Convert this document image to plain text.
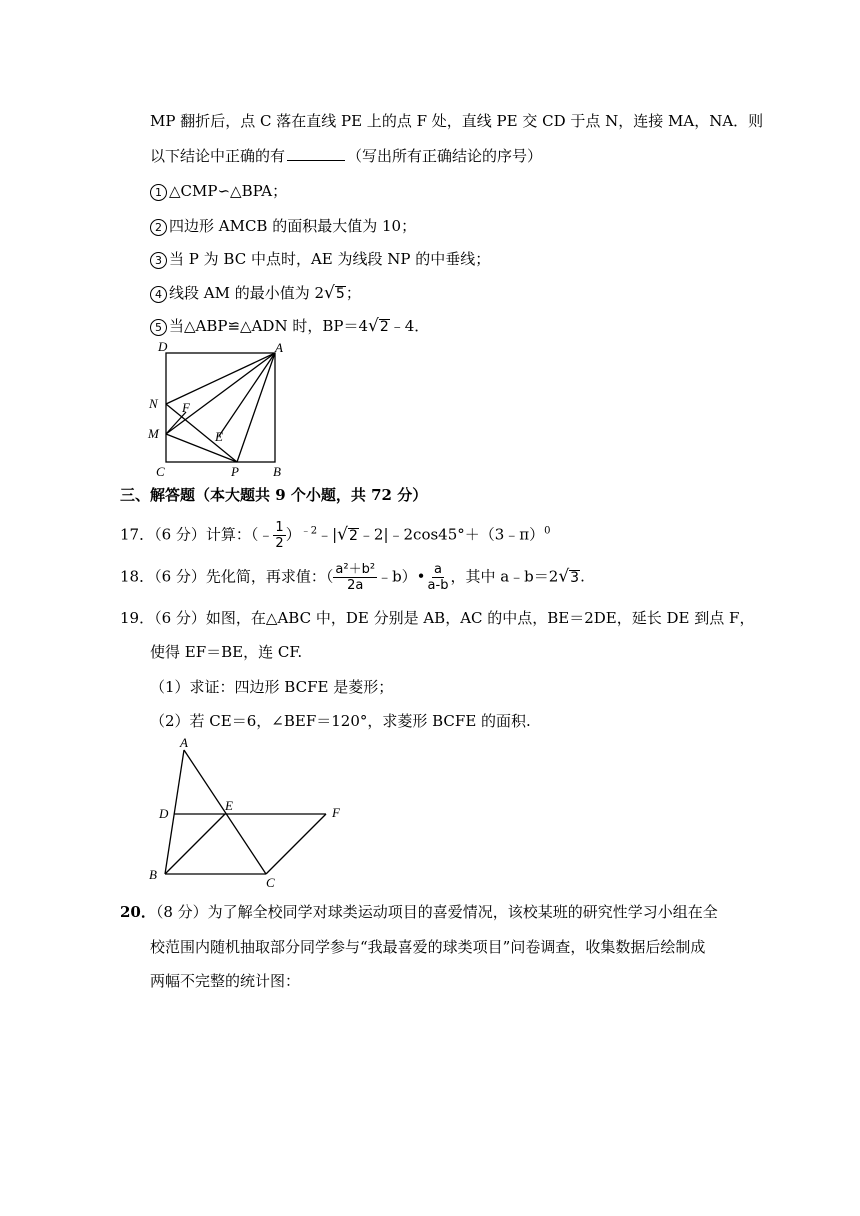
MP 翻折后，点 C 落在直线 PE 上的点 F 处，直线 PE 交 CD 于点 N，连接 MA，NA．则
以下结论中正确的有	（写出所有正确结论的序号）
1 △CMP∽△BPA；
2 四边形 AMCB 的面积最大值为 10；
3 当 P 为 BC 中点时，AE 为线段 NP 的中垂线；
4 线段 AM 的最小值为 2√5；
5 当△ABP≌△ADN 时，BP＝4√2﹣4．
D	A
N F
M	E
C	P	B
三、解答题（本大题共 9 个小题，共 72 分）
17．（6 分）计算：（﹣ $\frac{1}{2}$ ）$^{﹣2}$﹣|√2﹣2|﹣2cos45°＋（3﹣π）$^0$
18．（6 分）先化简，再求值：（ $\frac{\text{a²＋b²}}{2a}$ ﹣b）• $\frac{a}{a-b}$ ，其中 a﹣b＝2√3.
19．（6 分）如图，在△ABC 中，DE 分别是 AB，AC 的中点，BE＝2DE，延长 DE 到点 F，
使得 EF＝BE，连 CF.
（1）求证：四边形 BCFE 是菱形；
（2）若 CE＝6，∠BEF＝120°，求菱形 BCFE 的面积.
A
D
E	F
B
C
20．（8 分）为了解全校同学对球类运动项目的喜爱情况，该校某班的研究性学习小组在全
校范围内随机抽取部分同学参与“我最喜爱的球类项目”问卷调查，收集数据后绘制成
两幅不完整的统计图：
